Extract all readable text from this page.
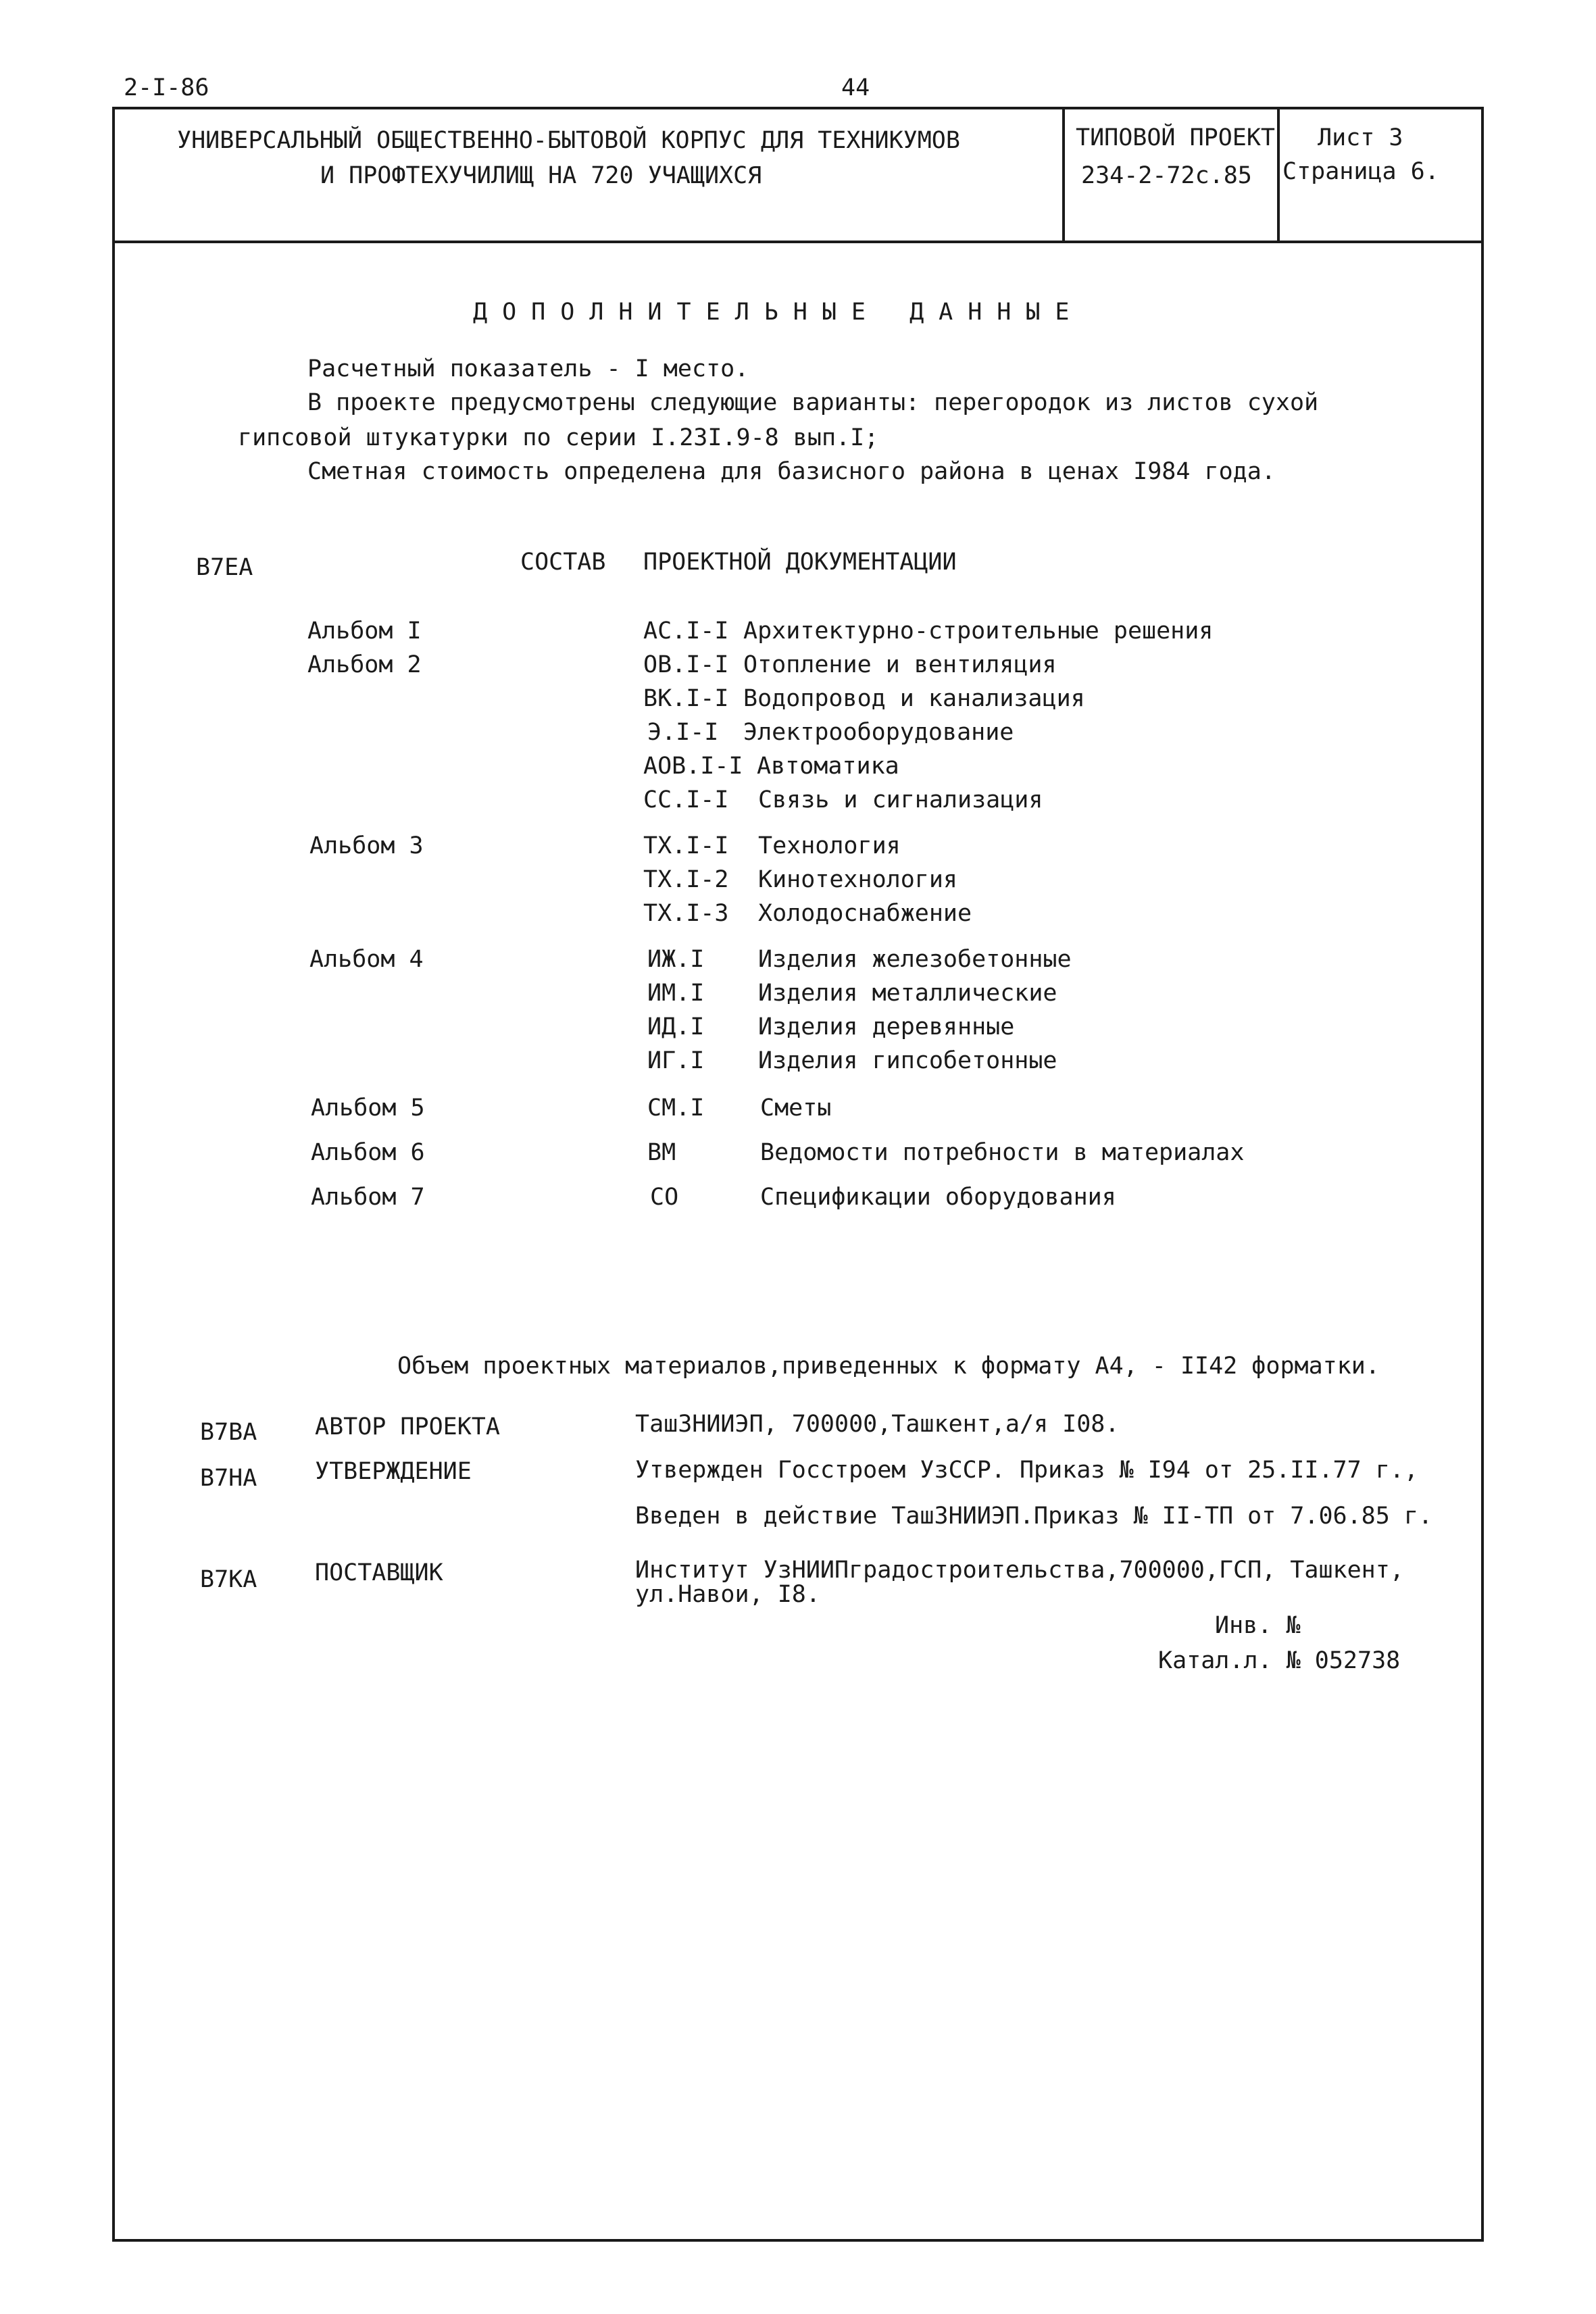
2-I-86	44
УНИВЕРСАЛЬНЫЙ ОБЩЕСТВЕННО-БЫТОВОЙ КОРПУС ДЛЯ ТЕХНИКУМОВ
И ПРОФТЕХУЧИЛИЩ НА 720 УЧАЩИХСЯ
ТИПОВОЙ ПРОЕКТ
234-2-72с.85
Лист 3
Страница 6.
ДОПОЛНИТЕЛЬНЫЕ ДАННЫЕ
Расчетный показатель - I место.
В проекте предусмотрены следующие варианты: перегородок из листов сухой
гипсовой штукатурки по серии I.23I.9-8 вып.I;
Сметная стоимость определена для базисного района в ценах I984 года.
В7ЕА	СОСТАВ ПРОЕКТНОЙ ДОКУМЕНТАЦИИ
Альбом I	АС.I-I Архитектурно-строительные решения
Альбом 2	ОВ.I-I Отопление и вентиляция
ВК.I-I Водопровод и канализация
Э.I-I Электрооборудование
АОВ.I-I Автоматика
СС.I-I Связь и сигнализация
Альбом 3	ТХ.I-I Технология
ТХ.I-2 Кинотехнология
ТХ.I-3 Холодоснабжение
Альбом 4	ИЖ.I Изделия железобетонные
ИМ.I Изделия металлические
ИД.I Изделия деревянные
ИГ.I Изделия гипсобетонные
Альбом 5	СМ.I Сметы
Альбом 6	ВМ	Ведомости потребности в материалах
Альбом 7	СО	Спецификации оборудования
Объем проектных материалов,приведенных к формату А4, - II42 форматки.
В7ВА АВТОР ПРОЕКТА	ТашЗНИИЭП, 700000,Ташкент,а/я I08.
В7НА УТВЕРЖДЕНИЕ	Утвержден Госстроем УзССР. Приказ № I94 от 25.II.77 г.,
Введен в действие ТашЗНИИЭП.Приказ № II-ТП от 7.06.85 г.
В7КА ПОСТАВЩИК	Институт УзНИИПградостроительства,700000,ГСП, Ташкент,
ул.Навои, I8.
Инв. №
Катал.л. № 052738
